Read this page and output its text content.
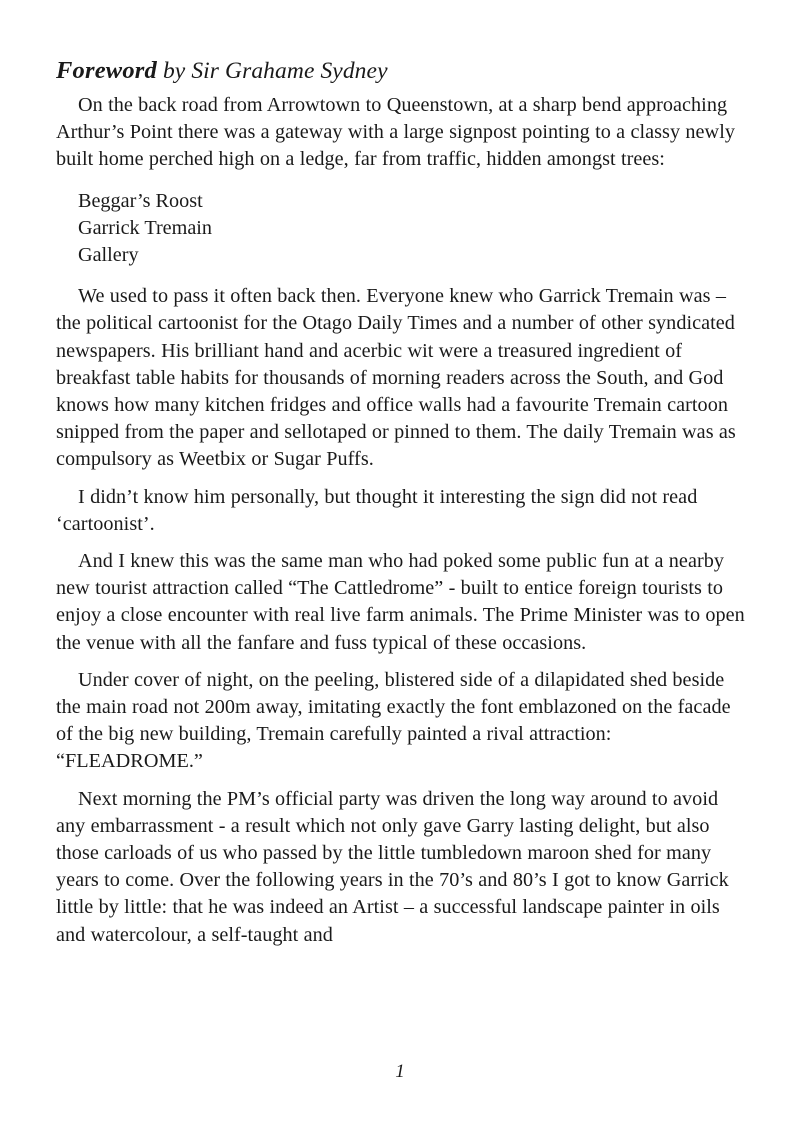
Foreword by Sir Grahame Sydney

On the back road from Arrowtown to Queenstown, at a sharp bend approaching Arthur’s Point there was a gateway with a large signpost pointing to a classy newly built home perched high on a ledge, far from traffic, hidden amongst trees:

Beggar’s Roost
Garrick Tremain
Gallery

We used to pass it often back then. Everyone knew who Garrick Tremain was – the political cartoonist for the Otago Daily Times and a number of other syndicated newspapers. His brilliant hand and acerbic wit were a treasured ingredient of breakfast table habits for thousands of morning readers across the South, and God knows how many kitchen fridges and office walls had a favourite Tremain cartoon snipped from the paper and sellotaped or pinned to them. The daily Tremain was as compulsory as Weetbix or Sugar Puffs.

I didn’t know him personally, but thought it interesting the sign did not read ‘cartoonist’.

And I knew this was the same man who had poked some public fun at a nearby new tourist attraction called “The Cattledrome” - built to entice foreign tourists to enjoy a close encounter with real live farm animals. The Prime Minister was to open the venue with all the fanfare and fuss typical of these occasions.

Under cover of night, on the peeling, blistered side of a dilapidated shed beside the main road not 200m away, imitating exactly the font emblazoned on the facade of the big new building, Tremain carefully painted a rival attraction: “FLEADROME.”

Next morning the PM’s official party was driven the long way around to avoid any embarrassment - a result which not only gave Garry lasting delight, but also those carloads of us who passed by the little tumbledown maroon shed for many years to come. Over the following years in the 70’s and 80’s I got to know Garrick little by little: that he was indeed an Artist – a successful landscape painter in oils and watercolour, a self-taught and

1
